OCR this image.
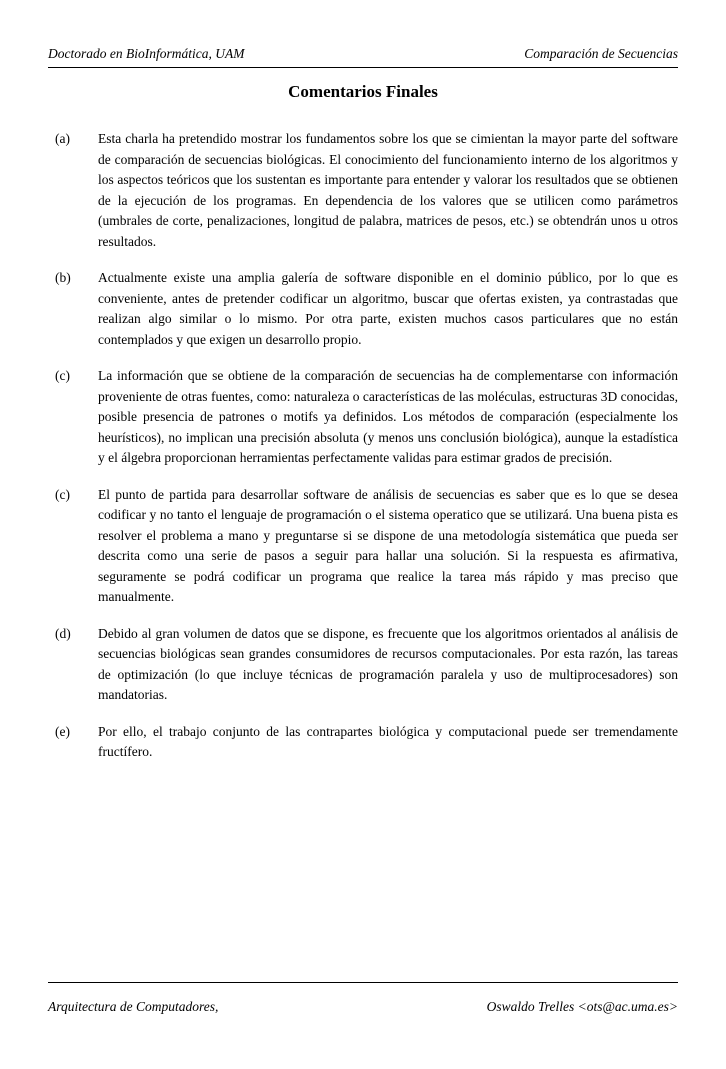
Doctorado en BioInformática, UAM	Comparación de Secuencias
Comentarios Finales
(a)	Esta charla ha pretendido mostrar los fundamentos sobre los que se cimientan la mayor parte del software de comparación de secuencias biológicas. El conocimiento del funcionamiento interno de los algoritmos y los aspectos teóricos que los sustentan es importante para entender y valorar los resultados que se obtienen de la ejecución de los programas. En dependencia de los valores que se utilicen como parámetros (umbrales de corte, penalizaciones, longitud de palabra, matrices de pesos, etc.) se obtendrán unos u otros resultados.
(b)	Actualmente existe una amplia galería de software disponible en el dominio público, por lo que es conveniente, antes de pretender codificar un algoritmo, buscar que ofertas existen, ya contrastadas que realizan algo similar o lo mismo. Por otra parte, existen muchos casos particulares que no están contemplados y que exigen un desarrollo propio.
(c)	La información que se obtiene de la comparación de secuencias ha de complementarse con información proveniente de otras fuentes, como: naturaleza o características de las moléculas, estructuras 3D conocidas, posible presencia de patrones o motifs ya definidos. Los métodos de comparación (especialmente los heurísticos), no implican una precisión absoluta (y menos uns conclusión biológica), aunque la estadística y el álgebra proporcionan herramientas perfectamente validas para estimar grados de precisión.
(c)	El punto de partida para desarrollar software de análisis de secuencias es saber que es lo que se desea codificar y no tanto el lenguaje de programación o el sistema operatico que se utilizará. Una buena pista es resolver el problema a mano y preguntarse si se dispone de una metodología sistemática que pueda ser descrita como una serie de pasos a seguir para hallar una solución. Si la respuesta es afirmativa, seguramente se podrá codificar un programa que realice la tarea más rápido y mas preciso que manualmente.
(d)	Debido al gran volumen de datos que se dispone, es frecuente que los algoritmos orientados al análisis de secuencias biológicas sean grandes consumidores de recursos computacionales. Por esta razón, las tareas de optimización (lo que incluye técnicas de programación paralela y uso de multiprocesadores) son mandatorias.
(e)	Por ello, el trabajo conjunto de las contrapartes biológica y computacional puede ser tremendamente fructífero.
Arquitectura de Computadores,	Oswaldo Trelles <ots@ac.uma.es>
